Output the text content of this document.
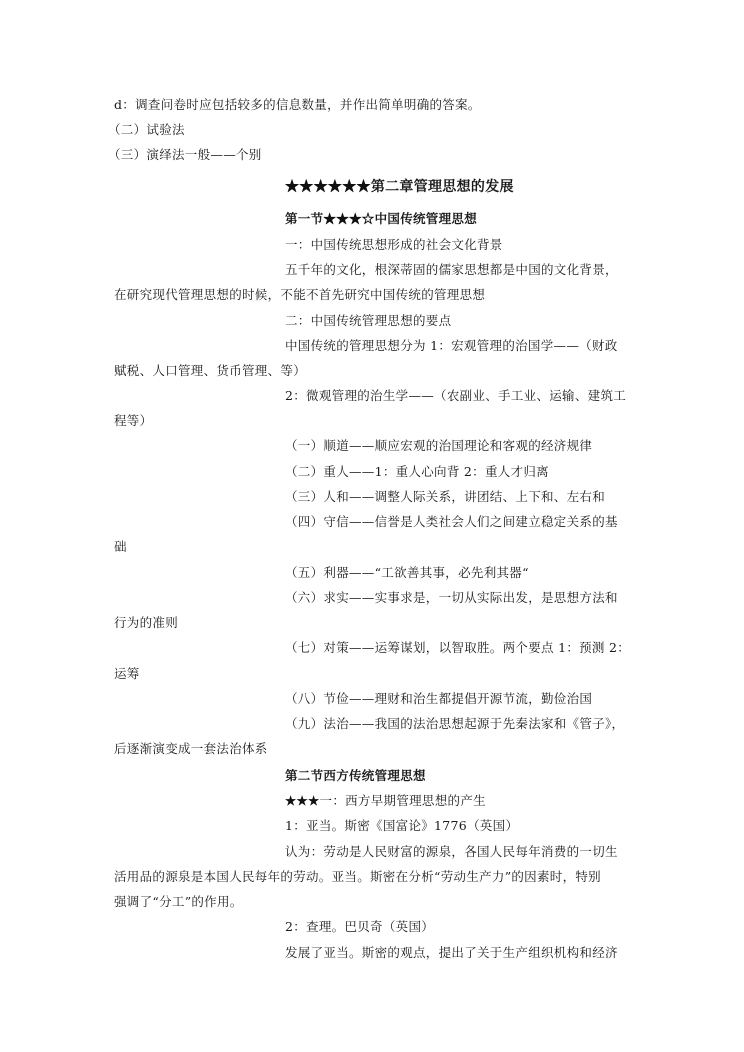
d：调查问卷时应包括较多的信息数量，并作出简单明确的答案。
（二）试验法
（三）演绎法一般——个别
★★★★★★第二章管理思想的发展
第一节★★★☆中国传统管理思想
一：中国传统思想形成的社会文化背景
五千年的文化，根深蒂固的儒家思想都是中国的文化背景，
在研究现代管理思想的时候，不能不首先研究中国传统的管理思想
二：中国传统管理思想的要点
中国传统的管理思想分为 1：宏观管理的治国学——（财政
赋税、人口管理、货币管理、等）
2：微观管理的治生学——（农副业、手工业、运输、建筑工
程等）
（一）顺道——顺应宏观的治国理论和客观的经济规律
（二）重人——1：重人心向背 2：重人才归离
（三）人和——调整人际关系，讲团结、上下和、左右和
（四）守信——信誉是人类社会人们之间建立稳定关系的基
础
（五）利器——“工欲善其事，必先利其器“
（六）求实——实事求是，一切从实际出发，是思想方法和
行为的准则
（七）对策——运筹谋划，以智取胜。两个要点 1：预测 2：
运筹
（八）节俭——理财和治生都提倡开源节流，勤俭治国
（九）法治——我国的法治思想起源于先秦法家和《管子》，
后逐渐演变成一套法治体系
第二节西方传统管理思想
★★★一：西方早期管理思想的产生
1：亚当。斯密《国富论》1776（英国）
认为：劳动是人民财富的源泉，各国人民每年消费的一切生
活用品的源泉是本国人民每年的劳动。亚当。斯密在分析“劳动生产力”的因素时，特别
强调了“分工”的作用。
2：查理。巴贝奇（英国）
发展了亚当。斯密的观点，提出了关于生产组织机构和经济
